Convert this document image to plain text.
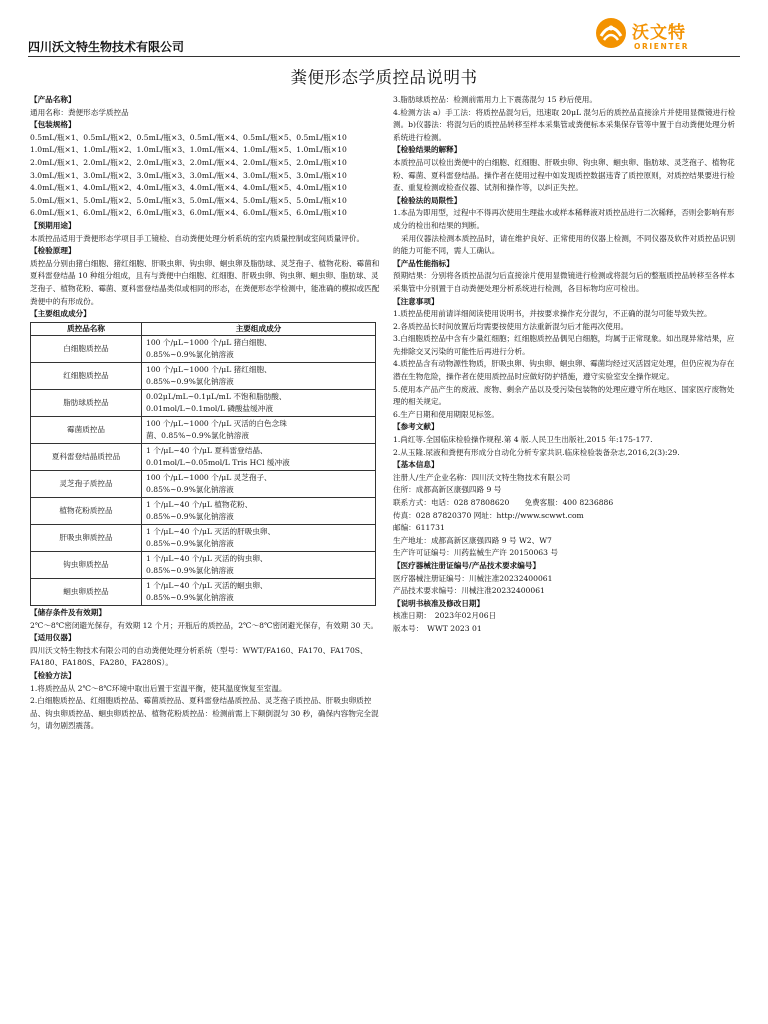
四川沃文特生物技术有限公司
沃文特
ORIENTER
粪便形态学质控品说明书
【产品名称】

通用名称：粪便形态学质控品

【包装规格】

0.5mL/瓶×1、0.5mL/瓶×2、0.5mL/瓶×3、0.5mL/瓶×4、0.5mL/瓶×5、0.5mL/瓶×10

1.0mL/瓶×1、1.0mL/瓶×2、1.0mL/瓶×3、1.0mL/瓶×4、1.0mL/瓶×5、1.0mL/瓶×10

2.0mL/瓶×1、2.0mL/瓶×2、2.0mL/瓶×3、2.0mL/瓶×4、2.0mL/瓶×5、2.0mL/瓶×10

3.0mL/瓶×1、3.0mL/瓶×2、3.0mL/瓶×3、3.0mL/瓶×4、3.0mL/瓶×5、3.0mL/瓶×10

4.0mL/瓶×1、4.0mL/瓶×2、4.0mL/瓶×3、4.0mL/瓶×4、4.0mL/瓶×5、4.0mL/瓶×10

5.0mL/瓶×1、5.0mL/瓶×2、5.0mL/瓶×3、5.0mL/瓶×4、5.0mL/瓶×5、5.0mL/瓶×10

6.0mL/瓶×1、6.0mL/瓶×2、6.0mL/瓶×3、6.0mL/瓶×4、6.0mL/瓶×5、6.0mL/瓶×10

【预期用途】

本质控品适用于粪便形态学项目手工镜检、自动粪便处理分析系统的室内质量控制或室间质量评价。

【检验原理】

质控品分别由猪白细胞、猪红细胞、肝吸虫卵、钩虫卵、蛔虫卵及脂肪球、灵芝孢子、植物花粉、霉菌和夏科雷登结晶 10 种组分组成，且有与粪便中白细胞、红细胞、肝吸虫卵、钩虫卵、蛔虫卵、脂肪球、灵芝孢子、植物花粉、霉菌、夏科雷登结晶类似或相同的形态，在粪便形态学检测中，能准确的模拟或匹配粪便中的有形成份。

【主要组成成分】
质控品名称	主要组成成分
白细胞质控品	100 个/μL~1000 个/μL 猪白细胞、
0.85%~0.9%氯化钠溶液

红细胞质控品	100 个/μL~1000 个/μL 猪红细胞、
0.85%~0.9%氯化钠溶液

脂肪球质控品	0.02μL/mL~0.1μL/mL 不饱和脂肪酸、
0.01mol/L~0.1mol/L 磷酸盐缓冲液

霉菌质控品	100 个/μL~1000 个/μL 灭活的白色念珠
菌、0.85%~0.9%氯化钠溶液

夏科雷登结晶质控品	1 个/μL~40 个/μL 夏科雷登结晶、
0.01mol/L~0.05mol/L Tris HCl 缓冲液

灵芝孢子质控品	100 个/μL~1000 个/μL 灵芝孢子、
0.85%~0.9%氯化钠溶液

植物花粉质控品	1 个/μL~40 个/μL 植物花粉、
0.85%~0.9%氯化钠溶液

肝吸虫卵质控品	1 个/μL~40 个/μL 灭活的肝吸虫卵、
0.85%~0.9%氯化钠溶液

钩虫卵质控品	1 个/μL~40 个/μL 灭活的钩虫卵、
0.85%~0.9%氯化钠溶液

蛔虫卵质控品	1 个/μL~40 个/μL 灭活的蛔虫卵、
0.85%~0.9%氯化钠溶液
【储存条件及有效期】

2℃～8℃密闭避光保存，有效期 12 个月；开瓶后的质控品，2℃～8℃密闭避光保存，有效期 30 天。

【适用仪器】

四川沃文特生物技术有限公司的自动粪便处理分析系统（型号：WWT/FA160、FA170、FA170S、FA180、FA180S、FA280、FA280S）。

【检验方法】

1.将质控品从 2℃～8℃环境中取出后置于室温平衡，使其温度恢复至室温。

2.白细胞质控品、红细胞质控品、霉菌质控品、夏科雷登结晶质控品、灵芝孢子质控品、肝吸虫卵质控品、钩虫卵质控品、蛔虫卵质控品、植物花粉质控品：检测前需上下颠倒混匀 30 秒，确保内容物完全混匀，请勿剧烈震荡。

3.脂肪球质控品：检测前需用力上下震荡混匀 15 秒后使用。

4.检测方法 a）手工法：将质控品混匀后，迅速取 20μL 混匀后的质控品直接涂片并使用显微镜进行检测。b)仪器法：将混匀后的质控品转移至样本采集管或粪便标本采集保存管等中置于自动粪便处理分析系统进行检测。

【检验结果的解释】

本质控品可以检出粪便中的白细胞、红细胞、肝吸虫卵、钩虫卵、蛔虫卵、脂肪球、灵芝孢子、植物花粉、霉菌、夏科雷登结晶。操作者在使用过程中如发现质控数据违背了质控原则，对质控结果要进行检查、重复检测或检查仪器、试剂和操作等，以纠正失控。

【检验法的局限性】

1.本品为即用型，过程中不得再次使用生理盐水或样本稀释液对质控品进行二次稀释，否则会影响有形成分的检出和结果的判断。

采用仪器法检测本质控品时，请在维护良好、正常使用的仪器上检测，不同仪器及软件对质控品识别的能力可能不同，需人工确认。

【产品性能指标】

预期结果：分别将各质控品混匀后直接涂片使用显微镜进行检测或将混匀后的整瓶质控品转移至各样本采集管中分别置于自动粪便处理分析系统进行检测，各目标物均应可检出。

【注意事项】

1.质控品使用前请详细阅读使用说明书，并按要求操作充分混匀，不正确的混匀可能导致失控。

2.各质控品长时间放置后均需要按使用方法重新混匀后才能再次使用。

3.白细胞质控品中含有少量红细胞；红细胞质控品偶见白细胞，均属于正常现象。如出现异常结果，应先排除交叉污染的可能性后再进行分析。

4.质控品含有动物源性物质，肝吸虫卵、钩虫卵、蛔虫卵、霉菌均经过灭活固定处理，但仍应视为存在潜在生物危险，操作者在使用质控品时应做好防护措施，遵守实验室安全操作规定。

5.使用本产品产生的废液、废物、剩余产品以及受污染包装物的处理应遵守所在地区、国家医疗废物处理的相关规定。

6.生产日期和使用期限见标签。

【参考文献】

1.尚红等.全国临床检验操作规程.第 4 版.人民卫生出版社,2015 年:175-177.

2.从玉隆.尿液和粪便有形成分自动化分析专家共识.临床检验装备杂志,2016,2(3):29.

【基本信息】

注册人/生产企业名称：四川沃文特生物技术有限公司

住所：成都高新区康强四路 9 号

联系方式：电话：028 87808620　　免费客服：400 8236886

传真：028 87820370 网址：http://www.scwwt.com

邮编：611731

生产地址：成都高新区康强四路 9 号 W2、W7

生产许可证编号：川药监械生产许 20150063 号

【医疗器械注册证编号/产品技术要求编号】

医疗器械注册证编号：川械注准20232400061

产品技术要求编号：川械注准20232400061

【说明书核准及修改日期】

核准日期：　2023年02月06日

版本号：　WWT 2023 01
